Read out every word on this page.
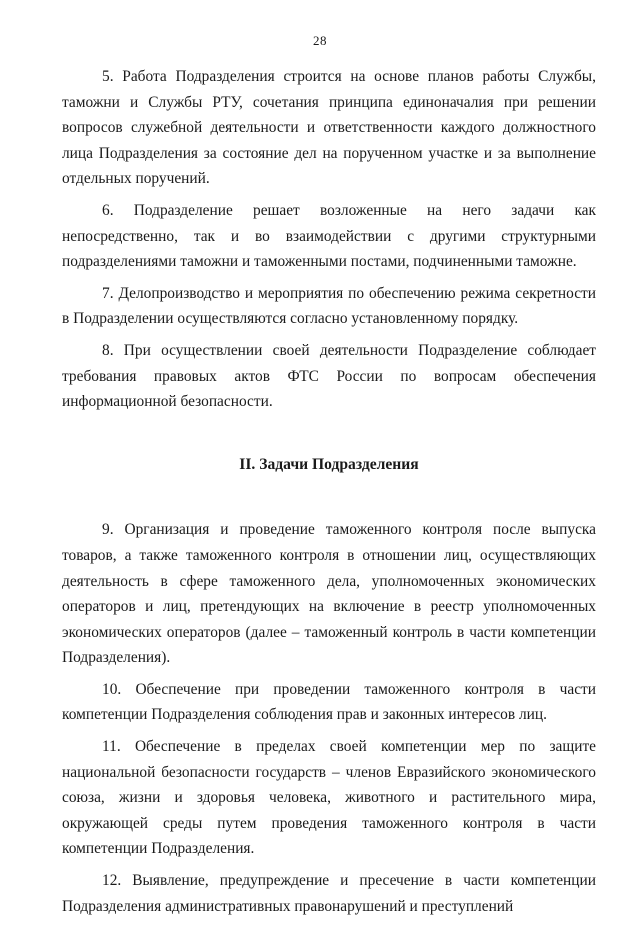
28

5. Работа Подразделения строится на основе планов работы Службы, таможни и Службы РТУ, сочетания принципа единоначалия при решении вопросов служебной деятельности и ответственности каждого должностного лица Подразделения за состояние дел на порученном участке и за выполнение отдельных поручений.

6. Подразделение решает возложенные на него задачи как непосредственно, так и во взаимодействии с другими структурными подразделениями таможни и таможенными постами, подчиненными таможне.

7. Делопроизводство и мероприятия по обеспечению режима секретности в Подразделении осуществляются согласно установленному порядку.

8. При осуществлении своей деятельности Подразделение соблюдает требования правовых актов ФТС России по вопросам обеспечения информационной безопасности.

II. Задачи Подразделения

9. Организация и проведение таможенного контроля после выпуска товаров, а также таможенного контроля в отношении лиц, осуществляющих деятельность в сфере таможенного дела, уполномоченных экономических операторов и лиц, претендующих на включение в реестр уполномоченных экономических операторов (далее – таможенный контроль в части компетенции Подразделения).

10. Обеспечение при проведении таможенного контроля в части компетенции Подразделения соблюдения прав и законных интересов лиц.

11. Обеспечение в пределах своей компетенции мер по защите национальной безопасности государств – членов Евразийского экономического союза, жизни и здоровья человека, животного и растительного мира, окружающей среды путем проведения таможенного контроля в части компетенции Подразделения.

12. Выявление, предупреждение и пресечение в части компетенции Подразделения административных правонарушений и преступлений
